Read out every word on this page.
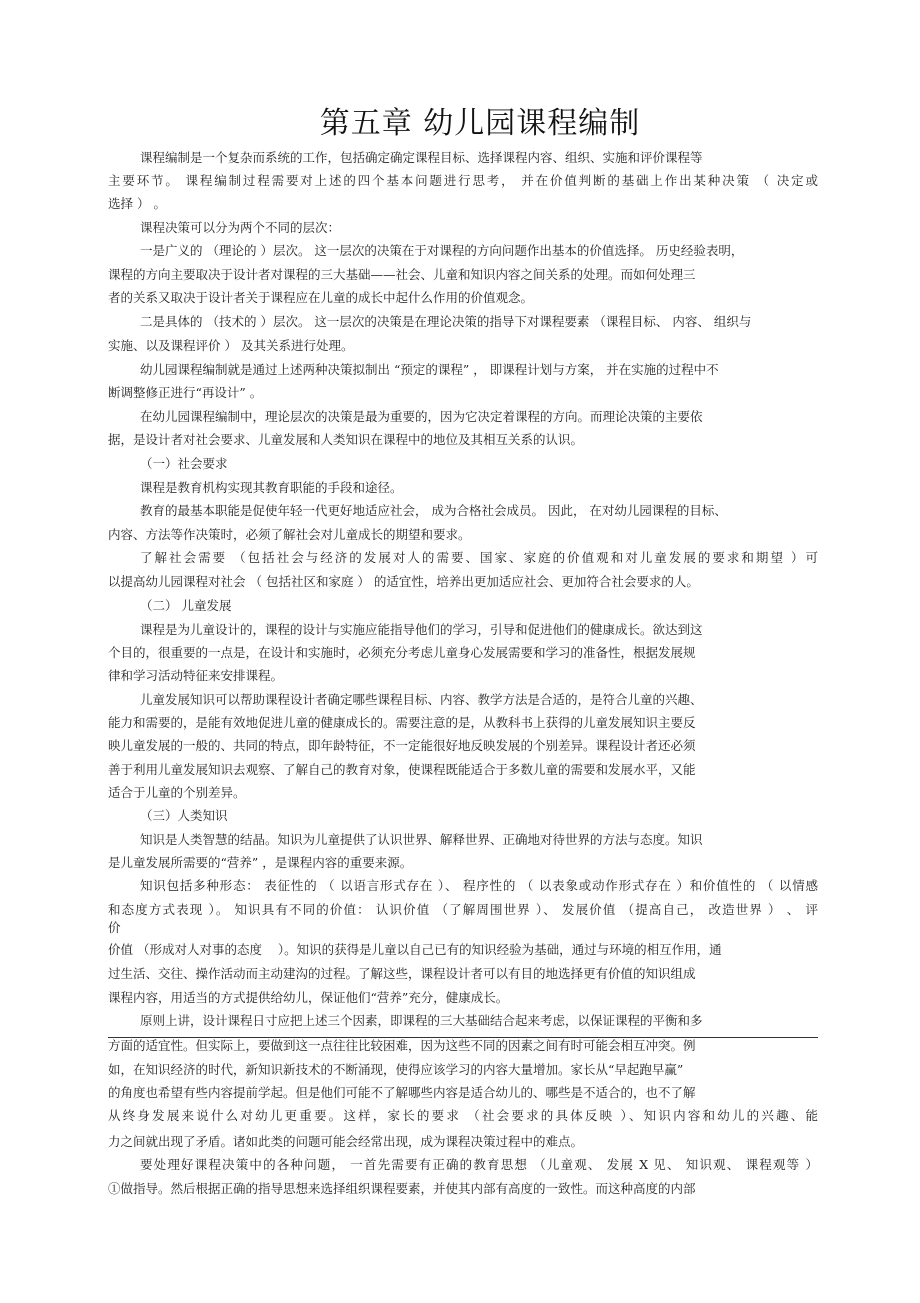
第五章 幼儿园课程编制
课程编制是一个复杂而系统的工作，包括确定确定课程目标、选择课程内容、组织、实施和评价课程等
主要环节。 课程编制过程需要对上述的四个基本问题进行思考， 并在价值判断的基础上作出某种决策 （ 决定或
选择 ） 。
课程决策可以分为两个不同的层次：
一是广义的 （理论的 ）层次。 这一层次的决策在于对课程的方向问题作出基本的价值选择。 历史经验表明，
课程的方向主要取决于设计者对课程的三大基础——社会、儿童和知识内容之间关系的处理。而如何处理三
者的关系又取决于设计者关于课程应在儿童的成长中起什么作用的价值观念。
二是具体的 （技术的 ）层次。 这一层次的决策是在理论决策的指导下对课程要素 （课程目标、 内容、 组织与
实施、以及课程评价 ） 及其关系进行处理。
幼儿园课程编制就是通过上述两种决策拟制出 “预定的课程” ， 即课程计划与方案， 并在实施的过程中不
断调整修正进行“再设计” 。
在幼儿园课程编制中，理论层次的决策是最为重要的，因为它决定着课程的方向。而理论决策的主要依
据，是设计者对社会要求、儿童发展和人类知识在课程中的地位及其相互关系的认识。
（一）社会要求
课程是教育机构实现其教育职能的手段和途径。
教育的最基本职能是促使年轻一代更好地适应社会， 成为合格社会成员。 因此， 在对幼儿园课程的目标、
内容、方法等作决策时，必须了解社会对儿童成长的期望和要求。
了解社会需要 （包括社会与经济的发展对人的需要、国家、家庭的价值观和对儿童发展的要求和期望 ）可
以提高幼儿园课程对社会 （ 包括社区和家庭 ） 的适宜性，培养出更加适应社会、更加符合社会要求的人。
（二） 儿童发展
课程是为儿童设计的，课程的设计与实施应能指导他们的学习，引导和促进他们的健康成长。欲达到这
个目的，很重要的一点是，在设计和实施时，必须充分考虑儿童身心发展需要和学习的准备性，根据发展规
律和学习活动特征来安排课程。
儿童发展知识可以帮助课程设计者确定哪些课程目标、内容、教学方法是合适的，是符合儿童的兴趣、
能力和需要的，是能有效地促进儿童的健康成长的。需要注意的是，从教科书上获得的儿童发展知识主要反
映儿童发展的一般的、共同的特点，即年龄特征，不一定能很好地反映发展的个别差异。课程设计者还必须
善于利用儿童发展知识去观察、了解自己的教育对象，使课程既能适合于多数儿童的需要和发展水平，又能
适合于儿童的个别差异。
（三）人类知识
知识是人类智慧的结晶。知识为儿童提供了认识世界、解释世界、正确地对待世界的方法与态度。知识
是儿童发展所需要的“营养” ，是课程内容的重要来源。
知识包括多种形态： 表征性的 （ 以语言形式存在 ）、 程序性的 （ 以表象或动作形式存在 ）和价值性的 （ 以情感
和态度方式表现 ）。 知识具有不同的价值： 认识价值 （了解周围世界 ）、 发展价值 （提高自己， 改造世界 ） 、 评
价
价值 （形成对人对事的态度    ）。知识的获得是儿童以自己已有的知识经验为基础，通过与环境的相互作用，通
过生活、交往、操作活动而主动建沟的过程。了解这些，课程设计者可以有目的地选择更有价值的知识组成
课程内容，用适当的方式提供给幼儿，保证他们“营养”充分，健康成长。
原则上讲，设计课程日寸应把上述三个因素，即课程的三大基础结合起来考虑，以保证课程的平衡和多
方面的适宜性。但实际上，要做到这一点往往比较困难，因为这些不同的因素之间有时可能会相互冲突。例
如，在知识经济的时代，新知识新技术的不断涌现，使得应该学习的内容大量增加。家长从“早起跑早赢”
的角度也希望有些内容提前学起。但是他们可能不了解哪些内容是适合幼儿的、哪些是不适合的，也不了解
从终身发展来说什么对幼儿更重要。这样，家长的要求 （社会要求的具体反映 ）、知识内容和幼儿的兴趣、能
力之间就出现了矛盾。诸如此类的问题可能会经常出现，成为课程决策过程中的难点。
要处理好课程决策中的各种问题， 一首先需要有正确的教育思想 （儿童观、 发展 X 见、 知识观、 课程观等 ）
①做指导。然后根据正确的指导思想来选择组织课程要素，并使其内部有高度的一致性。而这种高度的内部
